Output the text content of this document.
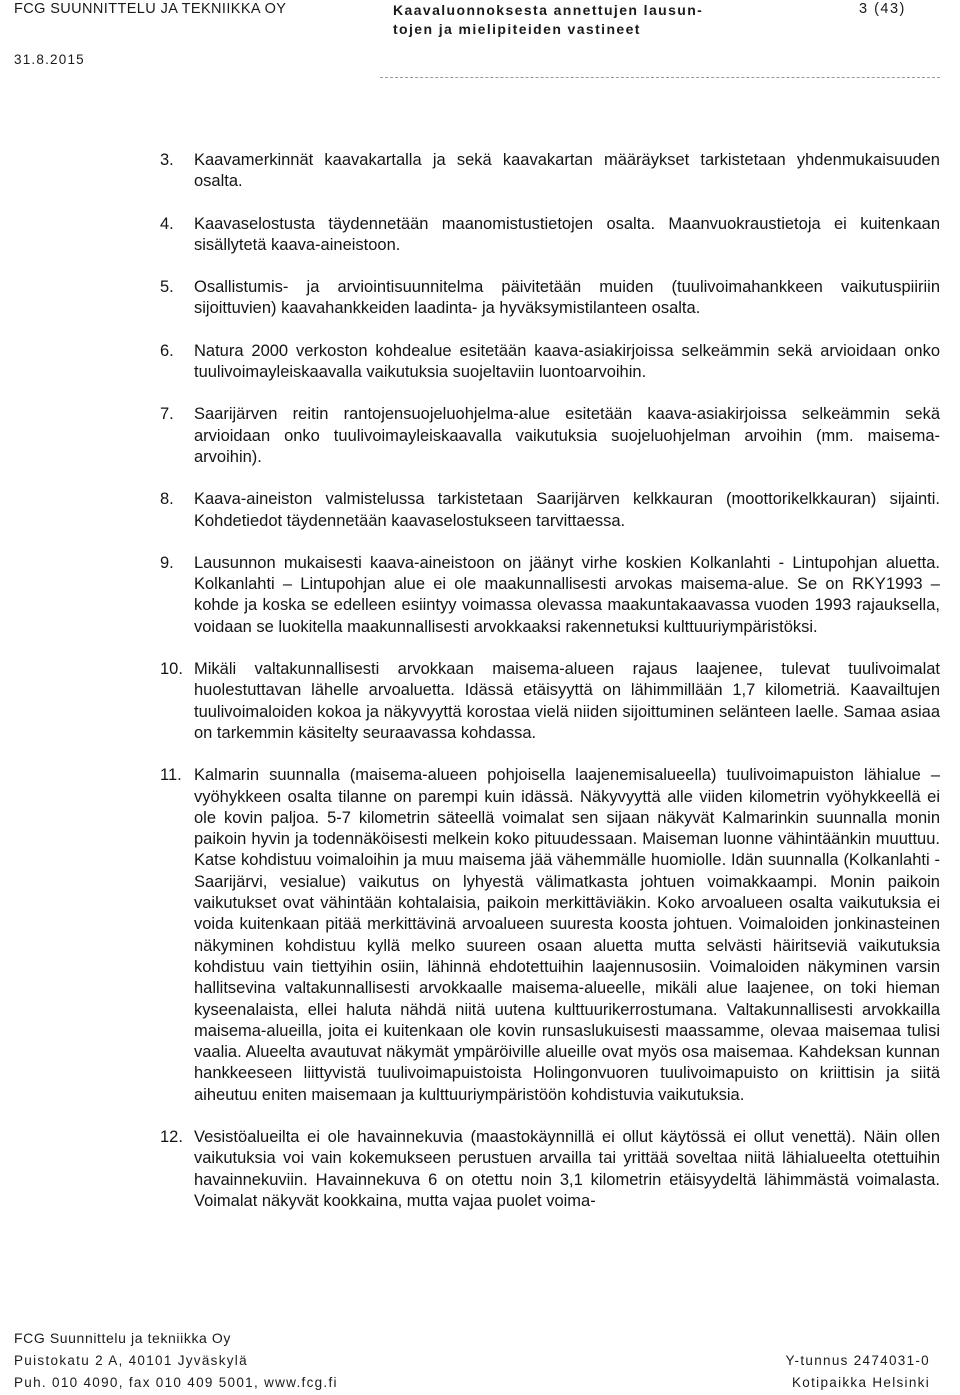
FCG SUUNNITTELU JA TEKNIIKKA OY
31.8.2015
Kaavaluonnoksesta annettujen lausun-
tojen ja mielipiteiden vastineet
3 (43)
3. Kaavamerkinnät kaavakartalla ja sekä kaavakartan määräykset tarkistetaan yhdenmukaisuuden osalta.
4. Kaavaselostusta täydennetään maanomistustietojen osalta. Maanvuokraustietoja ei kuitenkaan sisällytetä kaava-aineistoon.
5. Osallistumis- ja arviointisuunnitelma päivitetään muiden (tuulivoimahankkeen vaikutuspiiriin sijoittuvien) kaavahankkeiden laadinta- ja hyväksymistilanteen osalta.
6. Natura 2000 verkoston kohdealue esitetään kaava-asiakirjoissa selkeämmin sekä arvioidaan onko tuulivoimayleiskaavalla vaikutuksia suojeltaviin luontoarvoihin.
7. Saarijärven reitin rantojensuojeluohjelma-alue esitetään kaava-asiakirjoissa selkeämmin sekä arvioidaan onko tuulivoimayleiskaavalla vaikutuksia suojeluohjelman arvoihin (mm. maisema-arvoihin).
8. Kaava-aineiston valmistelussa tarkistetaan Saarijärven kelkkauran (moottorikelkkauran) sijainti. Kohdetiedot täydennetään kaavaselostukseen tarvittaessa.
9. Lausunnon mukaisesti kaava-aineistoon on jäänyt virhe koskien Kolkanlahti - Lintupohjan aluetta. Kolkanlahti – Lintupohjan alue ei ole maakunnallisesti arvokas maisema-alue. Se on RKY1993 –kohde ja koska se edelleen esiintyy voimassa olevassa maakuntakaavassa vuoden 1993 rajauksella, voidaan se luokitella maakunnallisesti arvokkaaksi rakennetuksi kulttuuriympäristöksi.
10. Mikäli valtakunnallisesti arvokkaan maisema-alueen rajaus laajenee, tulevat tuulivoimalat huolestuttavan lähelle arvoaluetta. Idässä etäisyyttä on lähimmillään 1,7 kilometriä. Kaavailtujen tuulivoimaloiden kokoa ja näkyvyyttä korostaa vielä niiden sijoittuminen selänteen laelle. Samaa asiaa on tarkemmin käsitelty seuraavassa kohdassa.
11. Kalmarin suunnalla (maisema-alueen pohjoisella laajenemisalueella) tuulivoimapuiston lähialue –vyöhykkeen osalta tilanne on parempi kuin idässä. Näkyvyyttä alle viiden kilometrin vyöhykkeellä ei ole kovin paljoa. 5-7 kilometrin säteellä voimalat sen sijaan näkyvät Kalmarinkin suunnalla monin paikoin hyvin ja todennäköisesti melkein koko pituudessaan. Maiseman luonne vähintäänkin muuttuu. Katse kohdistuu voimaloihin ja muu maisema jää vähemmälle huomiolle. Idän suunnalla (Kolkanlahti - Saarijärvi, vesialue) vaikutus on lyhyestä välimatkasta johtuen voimakkaampi. Monin paikoin vaikutukset ovat vähintään kohtalaisia, paikoin merkittäviäkin. Koko arvoalueen osalta vaikutuksia ei voida kuitenkaan pitää merkittävinä arvoalueen suuresta koosta johtuen. Voimaloiden jonkinasteinen näkyminen kohdistuu kyllä melko suureen osaan aluetta mutta selvästi häiritseviä vaikutuksia kohdistuu vain tiettyihin osiin, lähinnä ehdotettuihin laajennusosiin. Voimaloiden näkyminen varsin hallitsevina valtakunnallisesti arvokkaalle maisema-alueelle, mikäli alue laajenee, on toki hieman kyseenalaista, ellei haluta nähdä niitä uutena kulttuurikerrostumana. Valtakunnallisesti arvokkailla maisema-alueilla, joita ei kuitenkaan ole kovin runsaslukuisesti maassamme, olevaa maisemaa tulisi vaalia. Alueelta avautuvat näkymät ympäröiville alueille ovat myös osa maisemaa. Kahdeksan kunnan hankkeeseen liittyvistä tuulivoimapuistoista Holingonvuoren tuulivoimapuisto on kriittisin ja siitä aiheutuu eniten maisemaan ja kulttuuriympäristöön kohdistuvia vaikutuksia.
12. Vesistöalueilta ei ole havainnekuvia (maastokäynnillä ei ollut käytössä ei ollut venettä). Näin ollen vaikutuksia voi vain kokemukseen perustuen arvailla tai yrittää soveltaa niitä lähialueelta otettuihin havainnekuviin. Havainnekuva 6 on otettu noin 3,1 kilometrin etäisyydeltä lähimmästä voimalasta. Voimalat näkyvät kookkaina, mutta vajaa puolet voima-
FCG Suunnittelu ja tekniikka Oy
Puistokatu 2 A, 40101 Jyväskylä
Puh. 010 4090, fax 010 409 5001, www.fcg.fi
Y-tunnus 2474031-0
Kotipaikka Helsinki
